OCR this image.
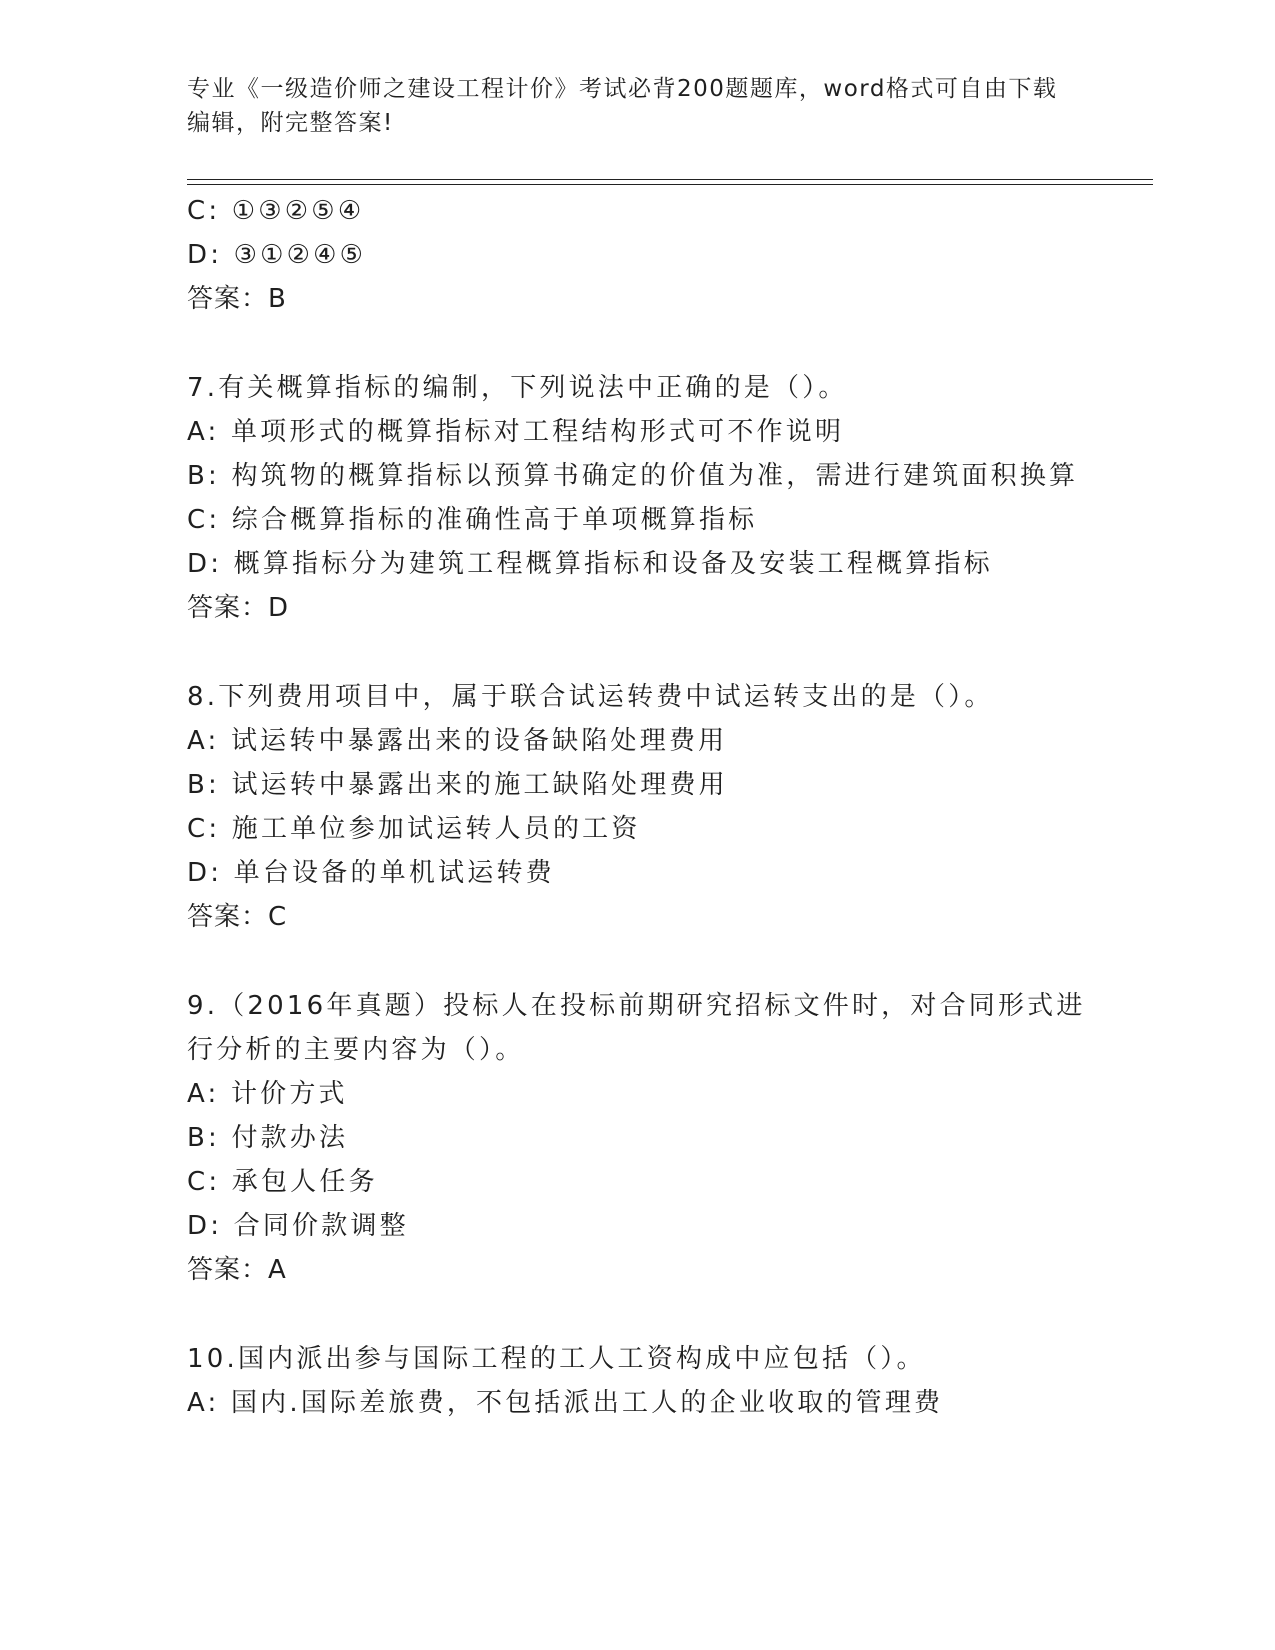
专业《一级造价师之建设工程计价》考试必背200题题库，word格式可自由下载
编辑，附完整答案!
C: ①③②⑤④
D: ③①②④⑤
答案：B
7.有关概算指标的编制，下列说法中正确的是（）。
A: 单项形式的概算指标对工程结构形式可不作说明
B: 构筑物的概算指标以预算书确定的价值为准，需进行建筑面积换算
C: 综合概算指标的准确性高于单项概算指标
D: 概算指标分为建筑工程概算指标和设备及安装工程概算指标
答案：D
8.下列费用项目中，属于联合试运转费中试运转支出的是（）。
A: 试运转中暴露出来的设备缺陷处理费用
B: 试运转中暴露出来的施工缺陷处理费用
C: 施工单位参加试运转人员的工资
D: 单台设备的单机试运转费
答案：C
9.（2016年真题）投标人在投标前期研究招标文件时，对合同形式进
行分析的主要内容为（）。
A: 计价方式
B: 付款办法
C: 承包人任务
D: 合同价款调整
答案：A
10.国内派出参与国际工程的工人工资构成中应包括（）。
A: 国内.国际差旅费，不包括派出工人的企业收取的管理费
